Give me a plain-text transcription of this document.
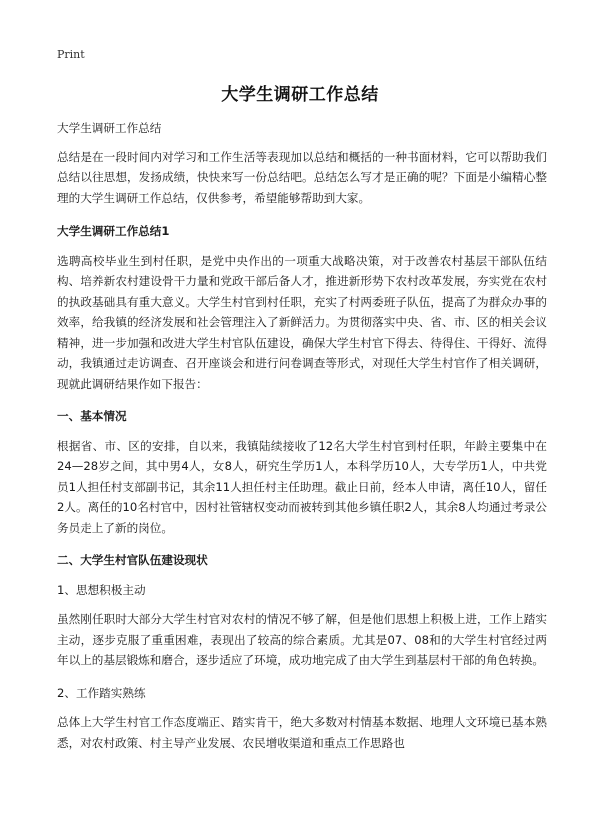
Print
大学生调研工作总结

大学生调研工作总结

总结是在一段时间内对学习和工作生活等表现加以总结和概括的一种书面材料，它可以帮助我们总结以往思想，发扬成绩，快快来写一份总结吧。总结怎么写才是正确的呢？下面是小编精心整理的大学生调研工作总结，仅供参考，希望能够帮助到大家。

大学生调研工作总结1

选聘高校毕业生到村任职，是党中央作出的一项重大战略决策，对于改善农村基层干部队伍结构、培养新农村建设骨干力量和党政干部后备人才，推进新形势下农村改革发展，夯实党在农村的执政基础具有重大意义。大学生村官到村任职，充实了村两委班子队伍，提高了为群众办事的效率，给我镇的经济发展和社会管理注入了新鲜活力。为贯彻落实中央、省、市、区的相关会议精神，进一步加强和改进大学生村官队伍建设，确保大学生村官下得去、待得住、干得好、流得动，我镇通过走访调查、召开座谈会和进行问卷调查等形式，对现任大学生村官作了相关调研，现就此调研结果作如下报告：

一、基本情况

根据省、市、区的安排，自以来，我镇陆续接收了12名大学生村官到村任职，年龄主要集中在24—28岁之间，其中男4人，女8人，研究生学历1人，本科学历10人，大专学历1人，中共党员1人担任村支部副书记，其余11人担任村主任助理。截止日前，经本人申请，离任10人，留任2人。离任的10名村官中，因村社管辖权变动而被转到其他乡镇任职2人，其余8人均通过考录公务员走上了新的岗位。

二、大学生村官队伍建设现状

1、思想积极主动

虽然刚任职时大部分大学生村官对农村的情况不够了解，但是他们思想上积极上进，工作上踏实主动，逐步克服了重重困难，表现出了较高的综合素质。尤其是07、08和的大学生村官经过两年以上的基层锻炼和磨合，逐步适应了环境，成功地完成了由大学生到基层村干部的角色转换。

2、工作踏实熟练

总体上大学生村官工作态度端正、踏实肯干，绝大多数对村情基本数据、地理人文环境已基本熟悉，对农村政策、村主导产业发展、农民增收渠道和重点工作思路也
